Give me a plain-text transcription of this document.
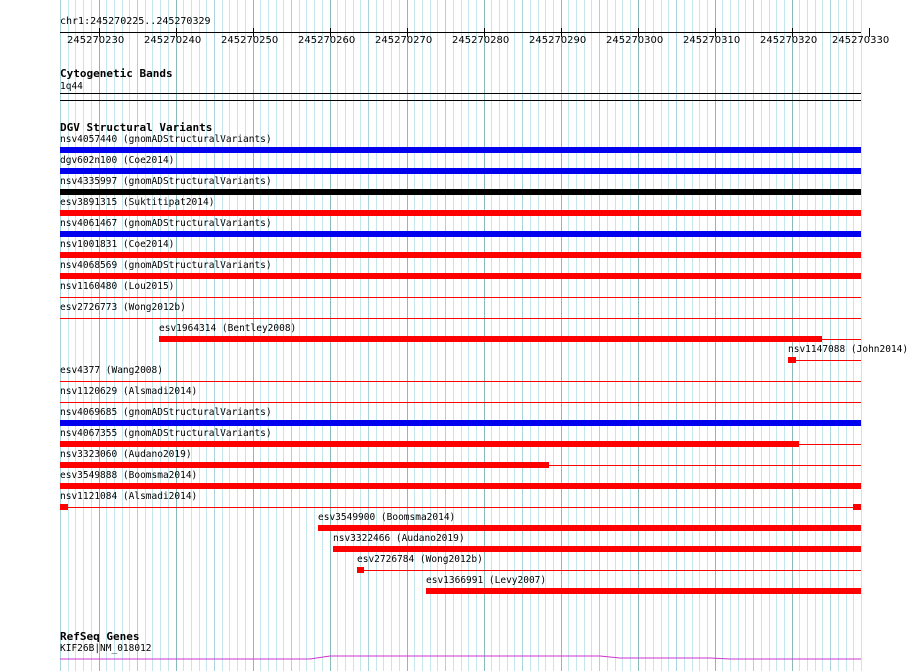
chr1:245270225..245270329
245270230 245270240 245270250 245270260 245270270 245270280 245270290 245270300 245270310 245270320 245270330
Cytogenetic Bands
1q44
DGV Structural Variants
nsv4057440 (gnomADStructuralVariants)
dgv602n100 (Coe2014)
nsv4335997 (gnomADStructuralVariants)
esv3891315 (Suktitipat2014)
nsv4061467 (gnomADStructuralVariants)
nsv1001831 (Coe2014)
nsv4068569 (gnomADStructuralVariants)
nsv1160480 (Lou2015)
esv2726773 (Wong2012b)
esv1964314 (Bentley2008)
nsv1147088 (John2014)
esv4377 (Wang2008)
nsv1120629 (Alsmadi2014)
nsv4069685 (gnomADStructuralVariants)
nsv4067355 (gnomADStructuralVariants)
nsv3323060 (Audano2019)
esv3549888 (Boomsma2014)
nsv1121084 (Alsmadi2014)
esv3549900 (Boomsma2014)
nsv3322466 (Audano2019)
esv2726784 (Wong2012b)
esv1366991 (Levy2007)
RefSeq Genes
KIF26B|NM_018012
